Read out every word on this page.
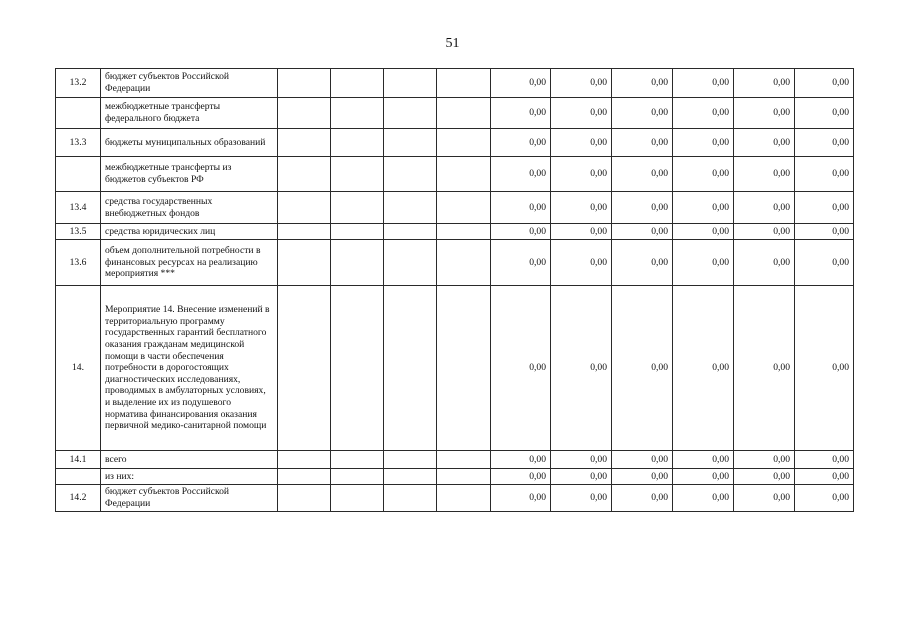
51
13.2	бюджет субъектов Российской Федерации					0,00	0,00	0,00	0,00	0,00	0,00
	межбюджетные трансферты федерального бюджета					0,00	0,00	0,00	0,00	0,00	0,00
13.3	бюджеты муниципальных образований					0,00	0,00	0,00	0,00	0,00	0,00
	межбюджетные трансферты из бюджетов субъектов РФ					0,00	0,00	0,00	0,00	0,00	0,00
13.4	средства государственных внебюджетных фондов					0,00	0,00	0,00	0,00	0,00	0,00
13.5	средства юридических лиц					0,00	0,00	0,00	0,00	0,00	0,00
13.6	объем дополнительной потребности в финансовых ресурсах на реализацию мероприятия ***					0,00	0,00	0,00	0,00	0,00	0,00
14.	Мероприятие 14. Внесение изменений в территориальную программу государственных гарантий бесплатного оказания гражданам медицинской помощи в части обеспечения потребности в дорогостоящих диагностических исследованиях, проводимых в амбулаторных условиях, и выделение их из подушевого норматива финансирования оказания первичной медико-санитарной помощи					0,00	0,00	0,00	0,00	0,00	0,00
14.1	всего					0,00	0,00	0,00	0,00	0,00	0,00
	из них:					0,00	0,00	0,00	0,00	0,00	0,00
14.2	бюджет субъектов Российской Федерации					0,00	0,00	0,00	0,00	0,00	0,00
